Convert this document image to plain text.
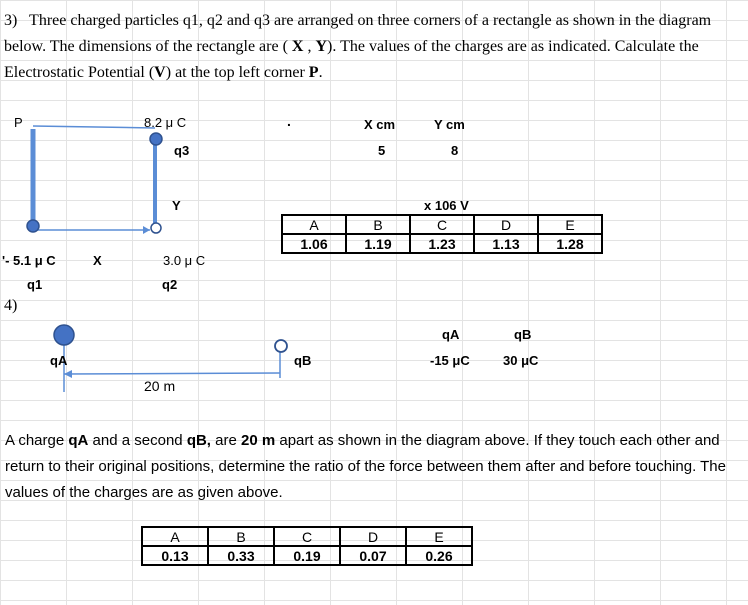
3) Three charged particles q1, q2 and q3 are arranged on three corners of a rectangle as shown in the diagram below. The dimensions of the rectangle are ( X , Y). The values of the charges are as indicated. Calculate the Electrostatic Potential (V) at the top left corner P.
P	8.2 μ C
q3
Y
'- 5.1 μ C	X	3.0 μ C
q1	q2
.	X cm	Y cm
5	8
x 106 V
A	B	C	D	E
1.06	1.19	1.23	1.13	1.28
4)
qA	qB
20 m
qA	qB
-15 μC	30 μC
A charge qA and a second qB, are 20 m apart as shown in the diagram above. If they touch each other and return to their original positions, determine the ratio of the force between them after and before touching. The values of the charges are as given above.
A	B	C	D	E
0.13	0.33	0.19	0.07	0.26
